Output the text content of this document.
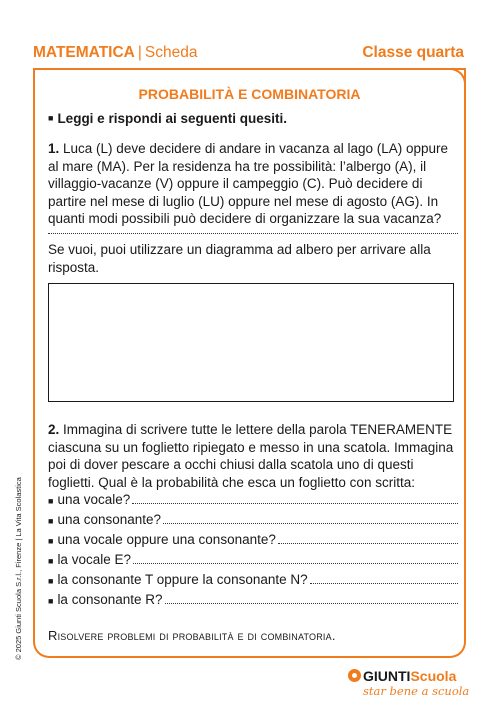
MATEMATICA | Scheda	Classe quarta
PROBABILITÀ E COMBINATORIA
■ Leggi e rispondi ai seguenti quesiti.
1. Luca (L) deve decidere di andare in vacanza al lago (LA) oppure al mare (MA). Per la residenza ha tre possibilità: l’albergo (A), il villaggio-vacanze (V) oppure il campeggio (C). Può decidere di partire nel mese di luglio (LU) oppure nel mese di agosto (AG). In quanti modi possibili può decidere di organizzare la sua vacanza?
Se vuoi, puoi utilizzare un diagramma ad albero per arrivare alla risposta.
2. Immagina di scrivere tutte le lettere della parola TENERAMENTE ciascuna su un foglietto ripiegato e messo in una scatola. Immagina poi di dover pescare a occhi chiusi dalla scatola uno di questi foglietti. Qual è la probabilità che esca un foglietto con scritta:
■ una vocale?
■ una consonante?
■ una vocale oppure una consonante?
■ la vocale E?
■ la consonante T oppure la consonante N?
■ la consonante R?
Risolvere problemi di probabilità e di combinatoria.
© 2025 Giunti Scuola S.r.l., Firenze | La Vita Scolastica
GIUNTIScuola
star bene a scuola
